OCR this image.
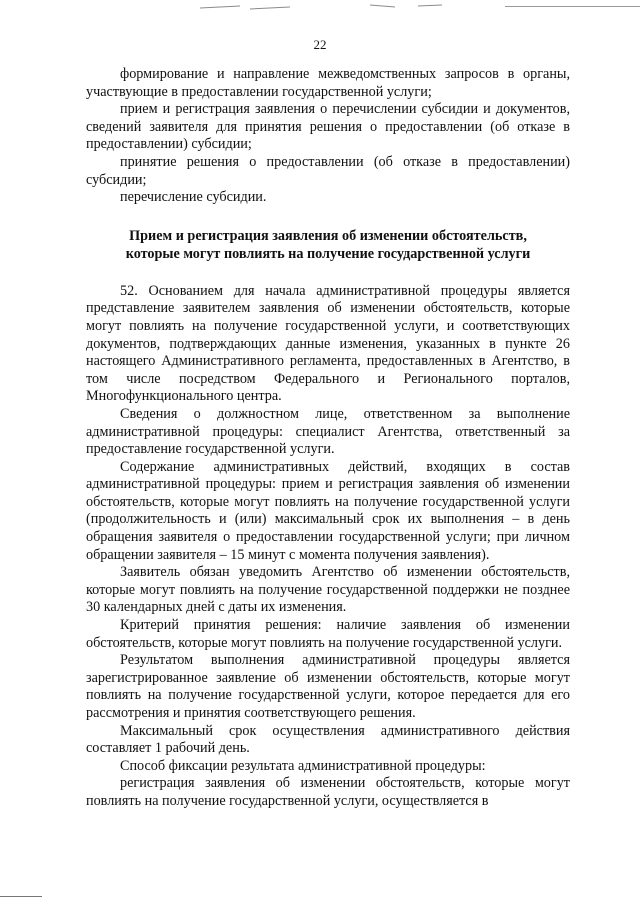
22

формирование и направление межведомственных запросов в органы, участвующие в предоставлении государственной услуги;

прием и регистрация заявления о перечислении субсидии и документов, сведений заявителя для принятия решения о предоставлении (об отказе в предоставлении) субсидии;

принятие решения о предоставлении (об отказе в предоставлении) субсидии;

перечисление субсидии.

Прием и регистрация заявления об изменении обстоятельств,
которые могут повлиять на получение государственной услуги

52. Основанием для начала административной процедуры является представление заявителем заявления об изменении обстоятельств, которые могут повлиять на получение государственной услуги, и соответствующих документов, подтверждающих данные изменения, указанных в пункте 26 настоящего Административного регламента, предоставленных в Агентство, в том числе посредством Федерального и Регионального порталов, Многофункционального центра.

Сведения о должностном лице, ответственном за выполнение административной процедуры: специалист Агентства, ответственный за предоставление государственной услуги.

Содержание административных действий, входящих в состав административной процедуры: прием и регистрация заявления об изменении обстоятельств, которые могут повлиять на получение государственной услуги (продолжительность и (или) максимальный срок их выполнения – в день обращения заявителя о предоставлении государственной услуги; при личном обращении заявителя – 15 минут с момента получения заявления).

Заявитель обязан уведомить Агентство об изменении обстоятельств, которые могут повлиять на получение государственной поддержки не позднее 30 календарных дней с даты их изменения.

Критерий принятия решения: наличие заявления об изменении обстоятельств, которые могут повлиять на получение государственной услуги.

Результатом выполнения административной процедуры является зарегистрированное заявление об изменении обстоятельств, которые могут повлиять на получение государственной услуги, которое передается для его рассмотрения и принятия соответствующего решения.

Максимальный срок осуществления административного действия составляет 1 рабочий день.

Способ фиксации результата административной процедуры:

регистрация заявления об изменении обстоятельств, которые могут повлиять на получение государственной услуги, осуществляется в
